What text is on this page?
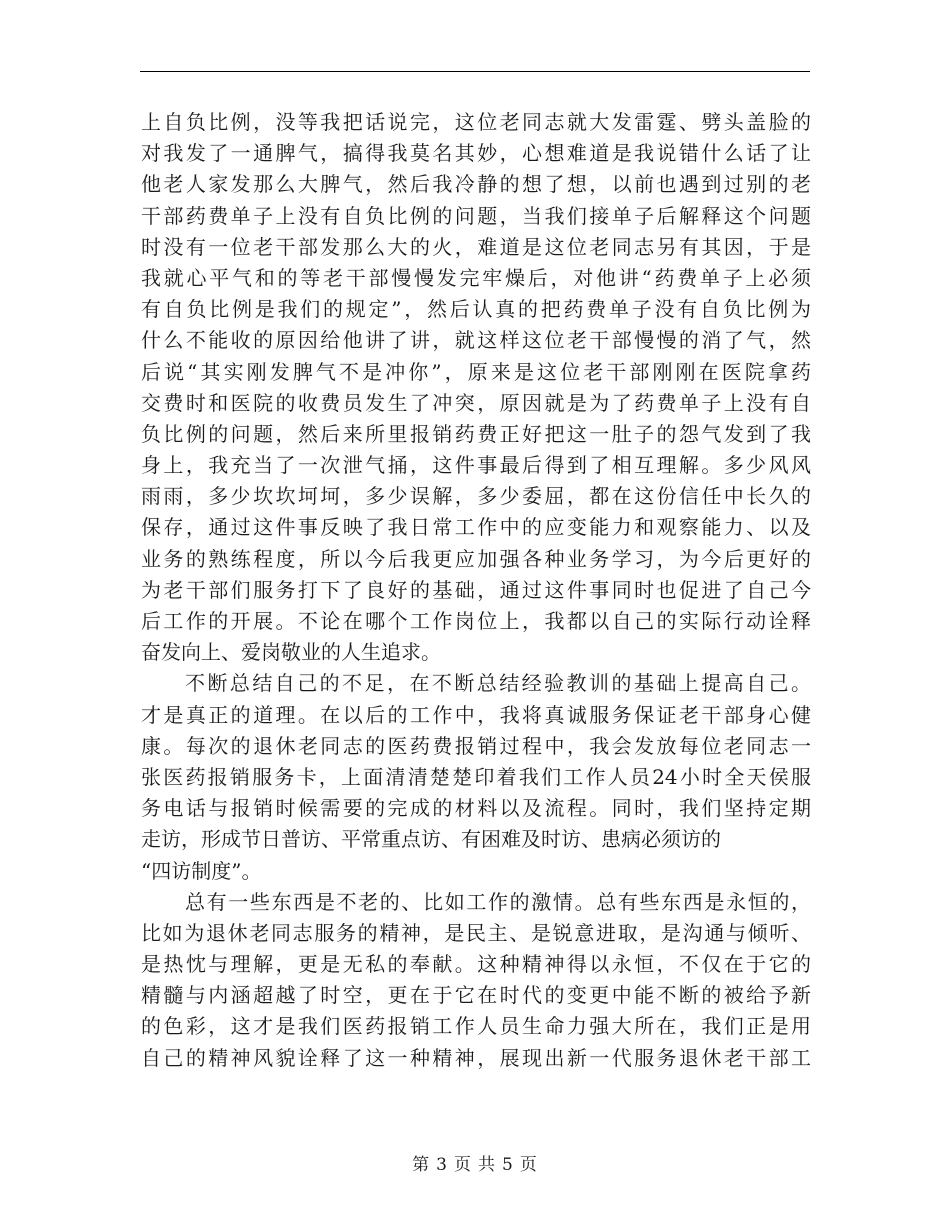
上自负比例，没等我把话说完，这位老同志就大发雷霆、劈头盖脸的
对我发了一通脾气，搞得我莫名其妙，心想难道是我说错什么话了让
他老人家发那么大脾气，然后我冷静的想了想，以前也遇到过别的老
干部药费单子上没有自负比例的问题，当我们接单子后解释这个问题
时没有一位老干部发那么大的火，难道是这位老同志另有其因，于是
我就心平气和的等老干部慢慢发完牢燥后，对他讲“药费单子上必须
有自负比例是我们的规定”，然后认真的把药费单子没有自负比例为
什么不能收的原因给他讲了讲，就这样这位老干部慢慢的消了气，然
后说“其实刚发脾气不是冲你”，原来是这位老干部刚刚在医院拿药
交费时和医院的收费员发生了冲突，原因就是为了药费单子上没有自
负比例的问题，然后来所里报销药费正好把这一肚子的怨气发到了我
身上，我充当了一次泄气捅，这件事最后得到了相互理解。多少风风
雨雨，多少坎坎坷坷，多少误解，多少委屈，都在这份信任中长久的
保存，通过这件事反映了我日常工作中的应变能力和观察能力、以及
业务的熟练程度，所以今后我更应加强各种业务学习，为今后更好的
为老干部们服务打下了良好的基础，通过这件事同时也促进了自己今
后工作的开展。不论在哪个工作岗位上，我都以自己的实际行动诠释
奋发向上、爱岗敬业的人生追求。
不断总结自己的不足，在不断总结经验教训的基础上提高自己。
才是真正的道理。在以后的工作中，我将真诚服务保证老干部身心健
康。每次的退休老同志的医药费报销过程中，我会发放每位老同志一
张医药报销服务卡，上面清清楚楚印着我们工作人员24小时全天侯服
务电话与报销时候需要的完成的材料以及流程。同时，我们坚持定期
走访，形成节日普访、平常重点访、有困难及时访、患病必须访的
“四访制度”。
总有一些东西是不老的、比如工作的激情。总有些东西是永恒的，
比如为退休老同志服务的精神，是民主、是锐意进取，是沟通与倾听、
是热忱与理解，更是无私的奉献。这种精神得以永恒，不仅在于它的
精髓与内涵超越了时空，更在于它在时代的变更中能不断的被给予新
的色彩，这才是我们医药报销工作人员生命力强大所在，我们正是用
自己的精神风貌诠释了这一种精神，展现出新一代服务退休老干部工
第 3 页 共 5 页
